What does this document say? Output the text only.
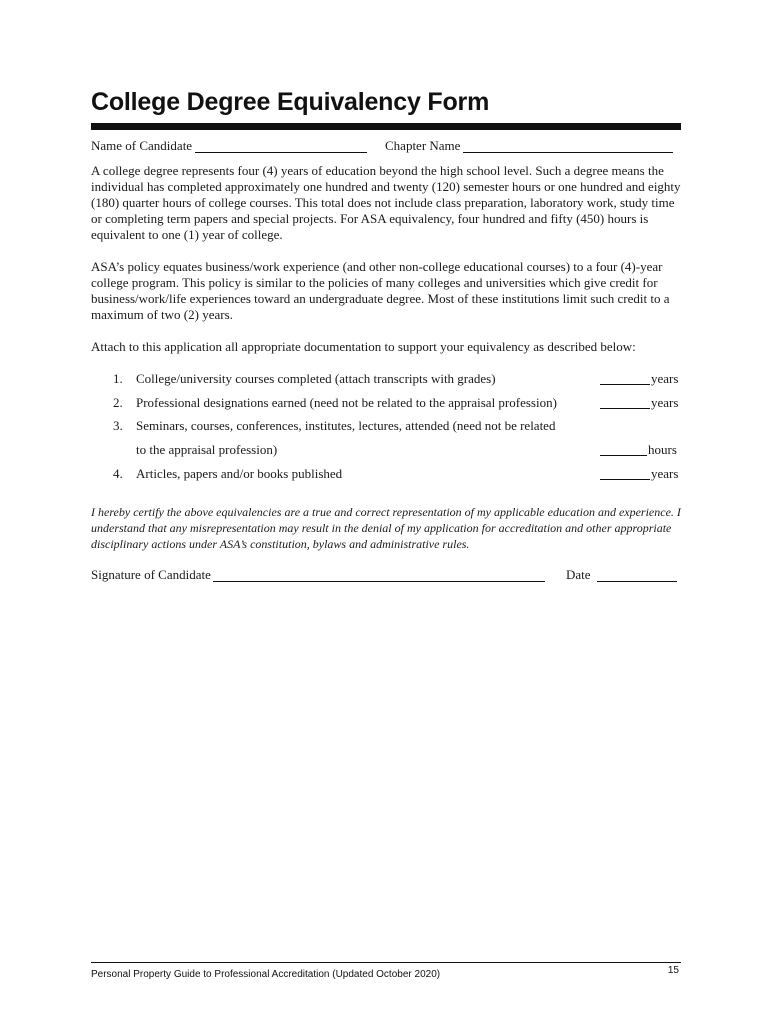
College Degree Equivalency Form
Name of Candidate	Chapter Name

A college degree represents four (4) years of education beyond the high school level. Such a degree means the individual has completed approximately one hundred and twenty (120) semester hours or one hundred and eighty (180) quarter hours of college courses. This total does not include class preparation, laboratory work, study time or completing term papers and special projects. For ASA equivalency, four hundred and fifty (450) hours is equivalent to one (1) year of college.

ASA’s policy equates business/work experience (and other non-college educational courses) to a four (4)-year college program. This policy is similar to the policies of many colleges and universities which give credit for business/work/life experiences toward an undergraduate degree. Most of these institutions limit such credit to a maximum of two (2) years.

Attach to this application all appropriate documentation to support your equivalency as described below:

1. College/university courses completed (attach transcripts with grades)	years
2. Professional designations earned (need not be related to the appraisal profession)	years
3. Seminars, courses, conferences, institutes, lectures, attended (need not be related
to the appraisal profession)	hours
4. Articles, papers and/or books published	years

I hereby certify the above equivalencies are a true and correct representation of my applicable education and experience. I understand that any misrepresentation may result in the denial of my application for accreditation and other appropriate disciplinary actions under ASA’s constitution, bylaws and administrative rules.

Signature of Candidate	Date
Personal Property Guide to Professional Accreditation (Updated October 2020)	15
